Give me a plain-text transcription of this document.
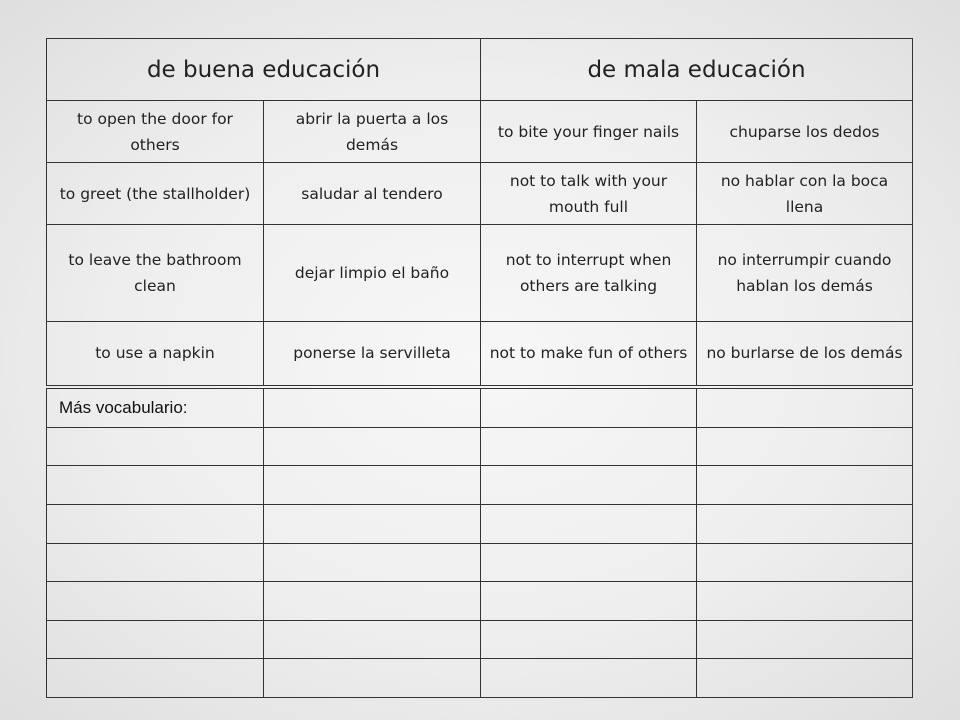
de buena educación		de mala educación	
to open the door for others	abrir la puerta a los demás	to bite your finger nails	chuparse los dedos
to greet (the stallholder)	saludar al tendero	not to talk with your mouth full	no hablar con la boca llena
to leave the bathroom clean	dejar limpio el baño	not to interrupt when others are talking	no interrumpir cuando hablan los demás
to use a napkin	ponerse la servilleta	not to make fun of others	no burlarse de los demás
Más vocabulario:			
